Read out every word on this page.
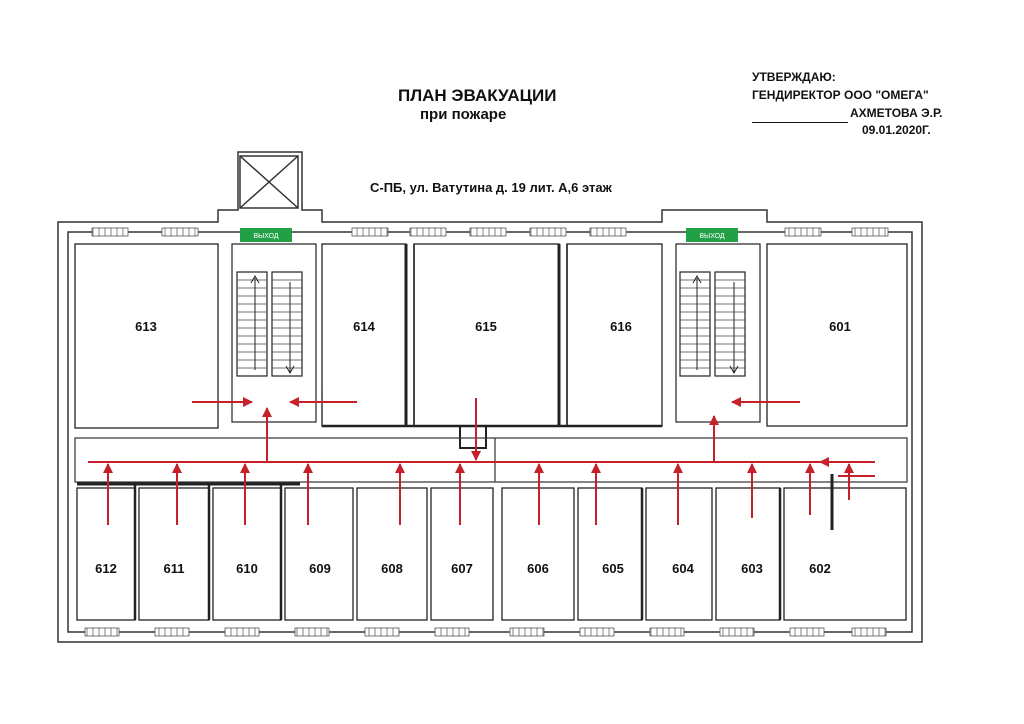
ПЛАН ЭВАКУАЦИИ
при пожаре
С-ПБ, ул. Ватутина д. 19 лит. А,6 этаж
УТВЕРЖДАЮ:
ГЕНДИРЕКТОР ООО "ОМЕГА"
АХМЕТОВА Э.Р.
09.01.2020Г.
ВЫХОД	ВЫХОД
613	614	615	616	601
612	611	610	609	608	607	606	605	604	603	602
